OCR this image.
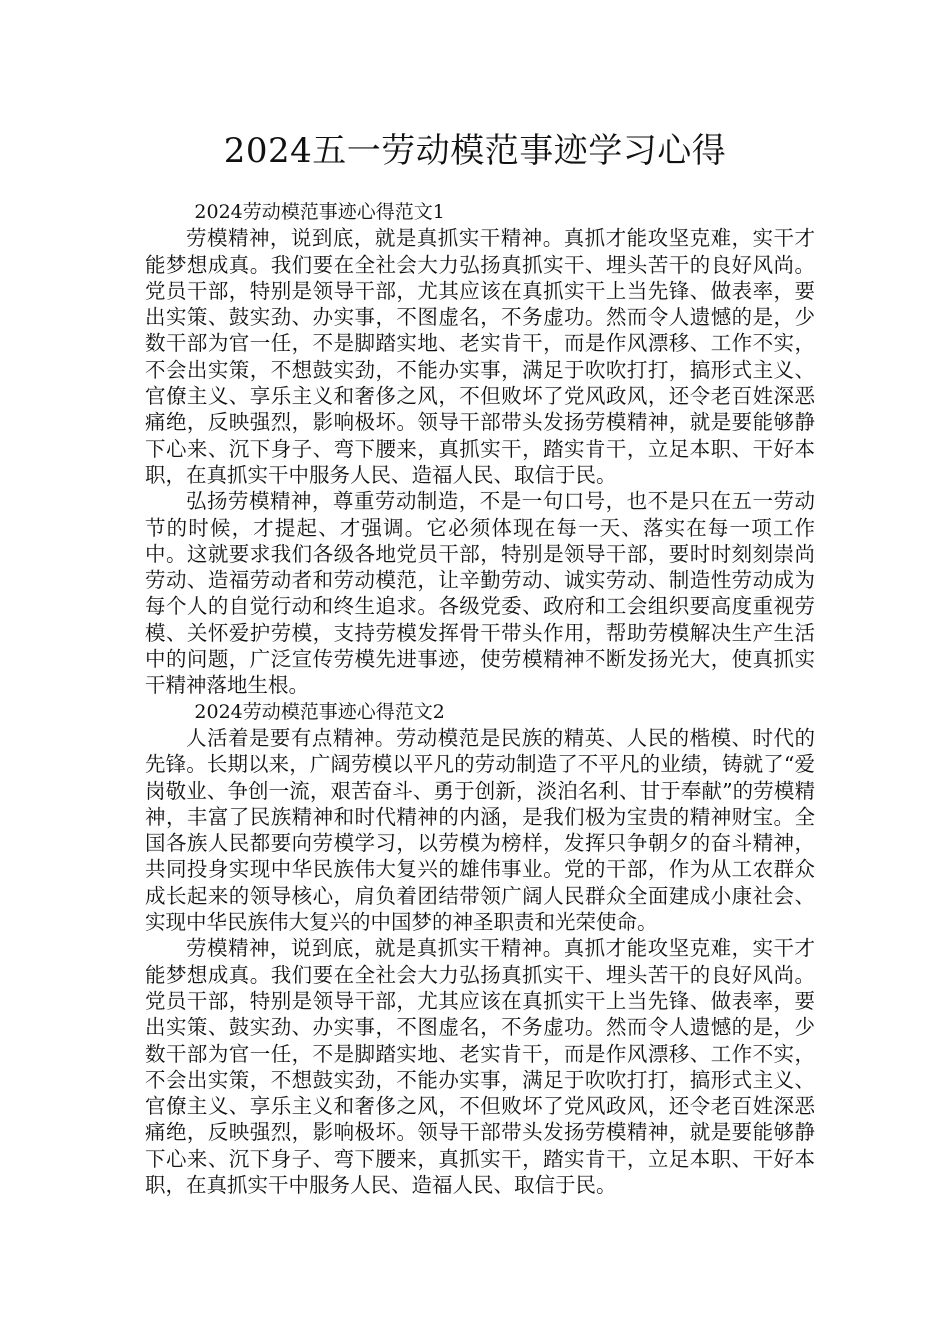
2024五一劳动模范事迹学习心得

2024劳动模范事迹心得范文1

劳模精神，说到底，就是真抓实干精神。真抓才能攻坚克难，实干才能梦想成真。我们要在全社会大力弘扬真抓实干、埋头苦干的良好风尚。党员干部，特别是领导干部，尤其应该在真抓实干上当先锋、做表率，要出实策、鼓实劲、办实事，不图虚名，不务虚功。然而令人遗憾的是，少数干部为官一任，不是脚踏实地、老实肯干，而是作风漂移、工作不实，不会出实策，不想鼓实劲，不能办实事，满足于吹吹打打，搞形式主义、官僚主义、享乐主义和奢侈之风，不但败坏了党风政风，还令老百姓深恶痛绝，反映强烈，影响极坏。领导干部带头发扬劳模精神，就是要能够静下心来、沉下身子、弯下腰来，真抓实干，踏实肯干，立足本职、干好本职，在真抓实干中服务人民、造福人民、取信于民。

弘扬劳模精神，尊重劳动制造，不是一句口号，也不是只在五一劳动节的时候，才提起、才强调。它必须体现在每一天、落实在每一项工作中。这就要求我们各级各地党员干部，特别是领导干部，要时时刻刻崇尚劳动、造福劳动者和劳动模范，让辛勤劳动、诚实劳动、制造性劳动成为每个人的自觉行动和终生追求。各级党委、政府和工会组织要高度重视劳模、关怀爱护劳模，支持劳模发挥骨干带头作用，帮助劳模解决生产生活中的问题，广泛宣传劳模先进事迹，使劳模精神不断发扬光大，使真抓实干精神落地生根。

2024劳动模范事迹心得范文2

人活着是要有点精神。劳动模范是民族的精英、人民的楷模、时代的先锋。长期以来，广阔劳模以平凡的劳动制造了不平凡的业绩，铸就了“爱岗敬业、争创一流，艰苦奋斗、勇于创新，淡泊名利、甘于奉献”的劳模精神，丰富了民族精神和时代精神的内涵，是我们极为宝贵的精神财宝。全国各族人民都要向劳模学习，以劳模为榜样，发挥只争朝夕的奋斗精神，共同投身实现中华民族伟大复兴的雄伟事业。党的干部，作为从工农群众成长起来的领导核心，肩负着团结带领广阔人民群众全面建成小康社会、实现中华民族伟大复兴的中国梦的神圣职责和光荣使命。

劳模精神，说到底，就是真抓实干精神。真抓才能攻坚克难，实干才能梦想成真。我们要在全社会大力弘扬真抓实干、埋头苦干的良好风尚。党员干部，特别是领导干部，尤其应该在真抓实干上当先锋、做表率，要出实策、鼓实劲、办实事，不图虚名，不务虚功。然而令人遗憾的是，少数干部为官一任，不是脚踏实地、老实肯干，而是作风漂移、工作不实，不会出实策，不想鼓实劲，不能办实事，满足于吹吹打打，搞形式主义、官僚主义、享乐主义和奢侈之风，不但败坏了党风政风，还令老百姓深恶痛绝，反映强烈，影响极坏。领导干部带头发扬劳模精神，就是要能够静下心来、沉下身子、弯下腰来，真抓实干，踏实肯干，立足本职、干好本职，在真抓实干中服务人民、造福人民、取信于民。
